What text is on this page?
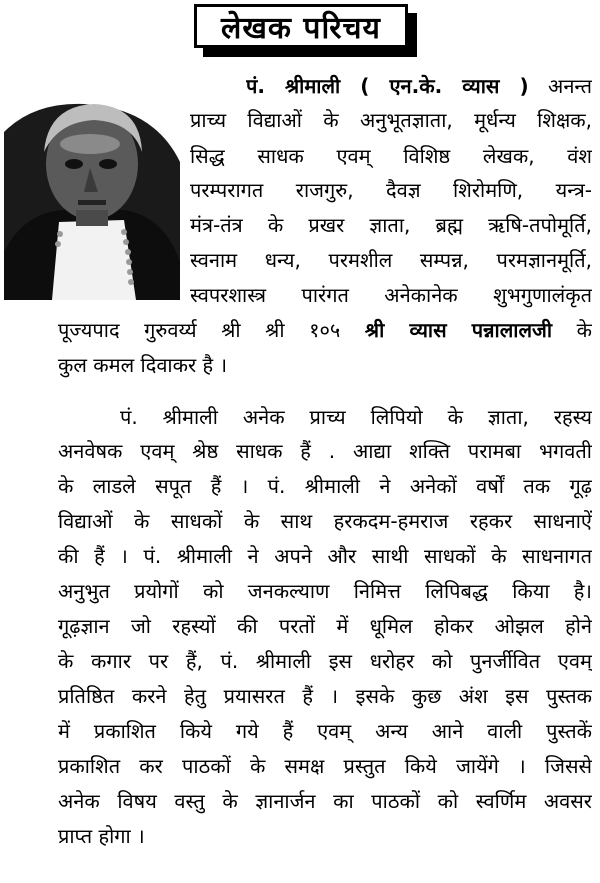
लेखक परिचय
पं. श्रीमाली ( एन.के. व्यास ) अनन्त
प्राच्य विद्याओं के अनुभूतज्ञाता, मूर्धन्य शिक्षक,
सिद्ध साधक एवम् विशिष्ठ लेखक, वंश
परम्परागत राजगुरु, दैवज्ञ शिरोमणि, यन्त्र-
मंत्र-तंत्र के प्रखर ज्ञाता, ब्रह्म ऋषि-तपोमूर्ति,
स्वनाम धन्य, परमशील सम्पन्न, परमज्ञानमूर्ति,
स्वपरशास्त्र पारंगत अनेकानेक शुभगुणालंकृत
पूज्यपाद गुरुवर्य्य श्री श्री १०५ श्री व्यास पन्नालालजी के
कुल कमल दिवाकर है ।
पं. श्रीमाली अनेक प्राच्य लिपियो के ज्ञाता, रहस्य
अनवेषक एवम् श्रेष्ठ साधक हैं . आद्या शक्ति परामबा भगवती
के लाडले सपूत हैं । पं. श्रीमाली ने अनेकों वर्षों तक गूढ़
विद्याओं के साधकों के साथ हरकदम-हमराज रहकर साधनाऐं
की हैं । पं. श्रीमाली ने अपने और साथी साधकों के साधनागत
अनुभुत प्रयोगों को जनकल्याण निमित्त लिपिबद्ध किया है।
गूढ़ज्ञान जो रहस्यों की परतों में धूमिल होकर ओझल होने
के कगार पर हैं, पं. श्रीमाली इस धरोहर को पुनर्जीवित एवम्
प्रतिष्ठित करने हेतु प्रयासरत हैं । इसके कुछ अंश इस पुस्तक
में प्रकाशित किये गये हैं एवम् अन्य आने वाली पुस्तकें
प्रकाशित कर पाठकों के समक्ष प्रस्तुत किये जायेंगे । जिससे
अनेक विषय वस्तु के ज्ञानार्जन का पाठकों को स्वर्णिम अवसर
प्राप्त होगा ।
